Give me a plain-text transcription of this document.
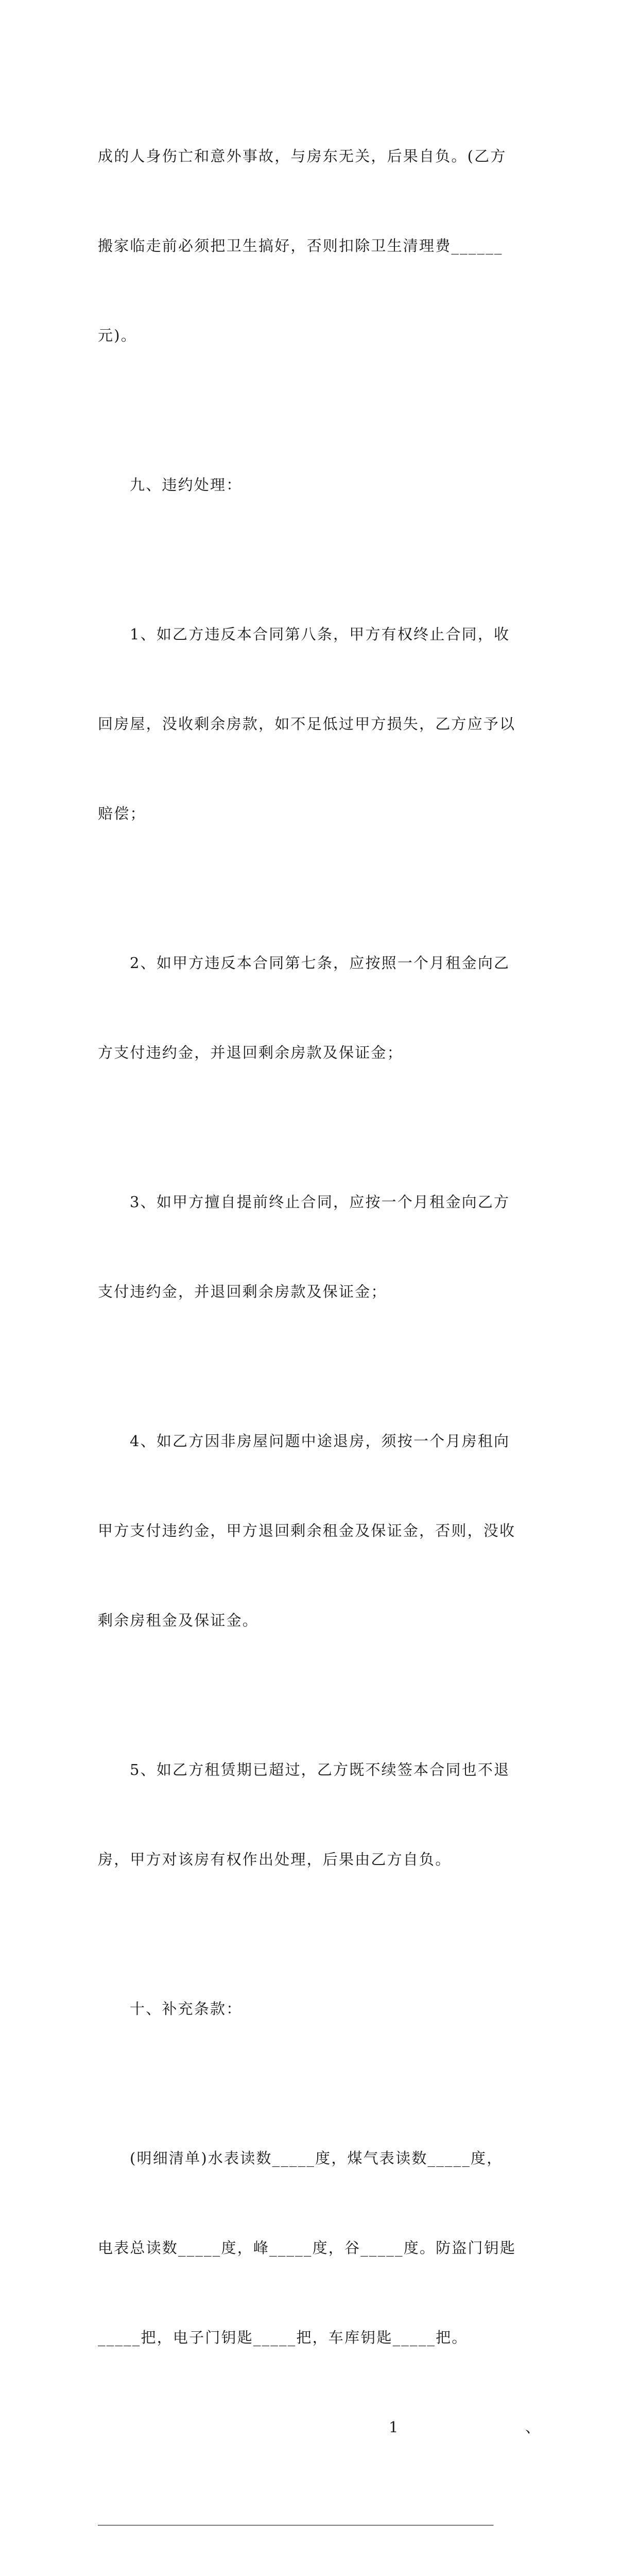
成的人身伤亡和意外事故，与房东无关，后果自负。(乙方

搬家临走前必须把卫生搞好，否则扣除卫生清理费______

元)。

九、违约处理：

1、如乙方违反本合同第八条，甲方有权终止合同，收

回房屋，没收剩余房款，如不足低过甲方损失，乙方应予以

赔偿；

2、如甲方违反本合同第七条，应按照一个月租金向乙

方支付违约金，并退回剩余房款及保证金；

3、如甲方擅自提前终止合同，应按一个月租金向乙方

支付违约金，并退回剩余房款及保证金；

4、如乙方因非房屋问题中途退房，须按一个月房租向

甲方支付违约金，甲方退回剩余租金及保证金，否则，没收

剩余房租金及保证金。

5、如乙方租赁期已超过，乙方既不续签本合同也不退

房，甲方对该房有权作出处理，后果由乙方自负。

十、补充条款：

(明细清单)水表读数_____度，煤气表读数_____度，

电表总读数_____度，峰_____度，谷_____度。防盗门钥匙

_____把，电子门钥匙_____把，车库钥匙_____把。

1	、

_____________________________________________________
